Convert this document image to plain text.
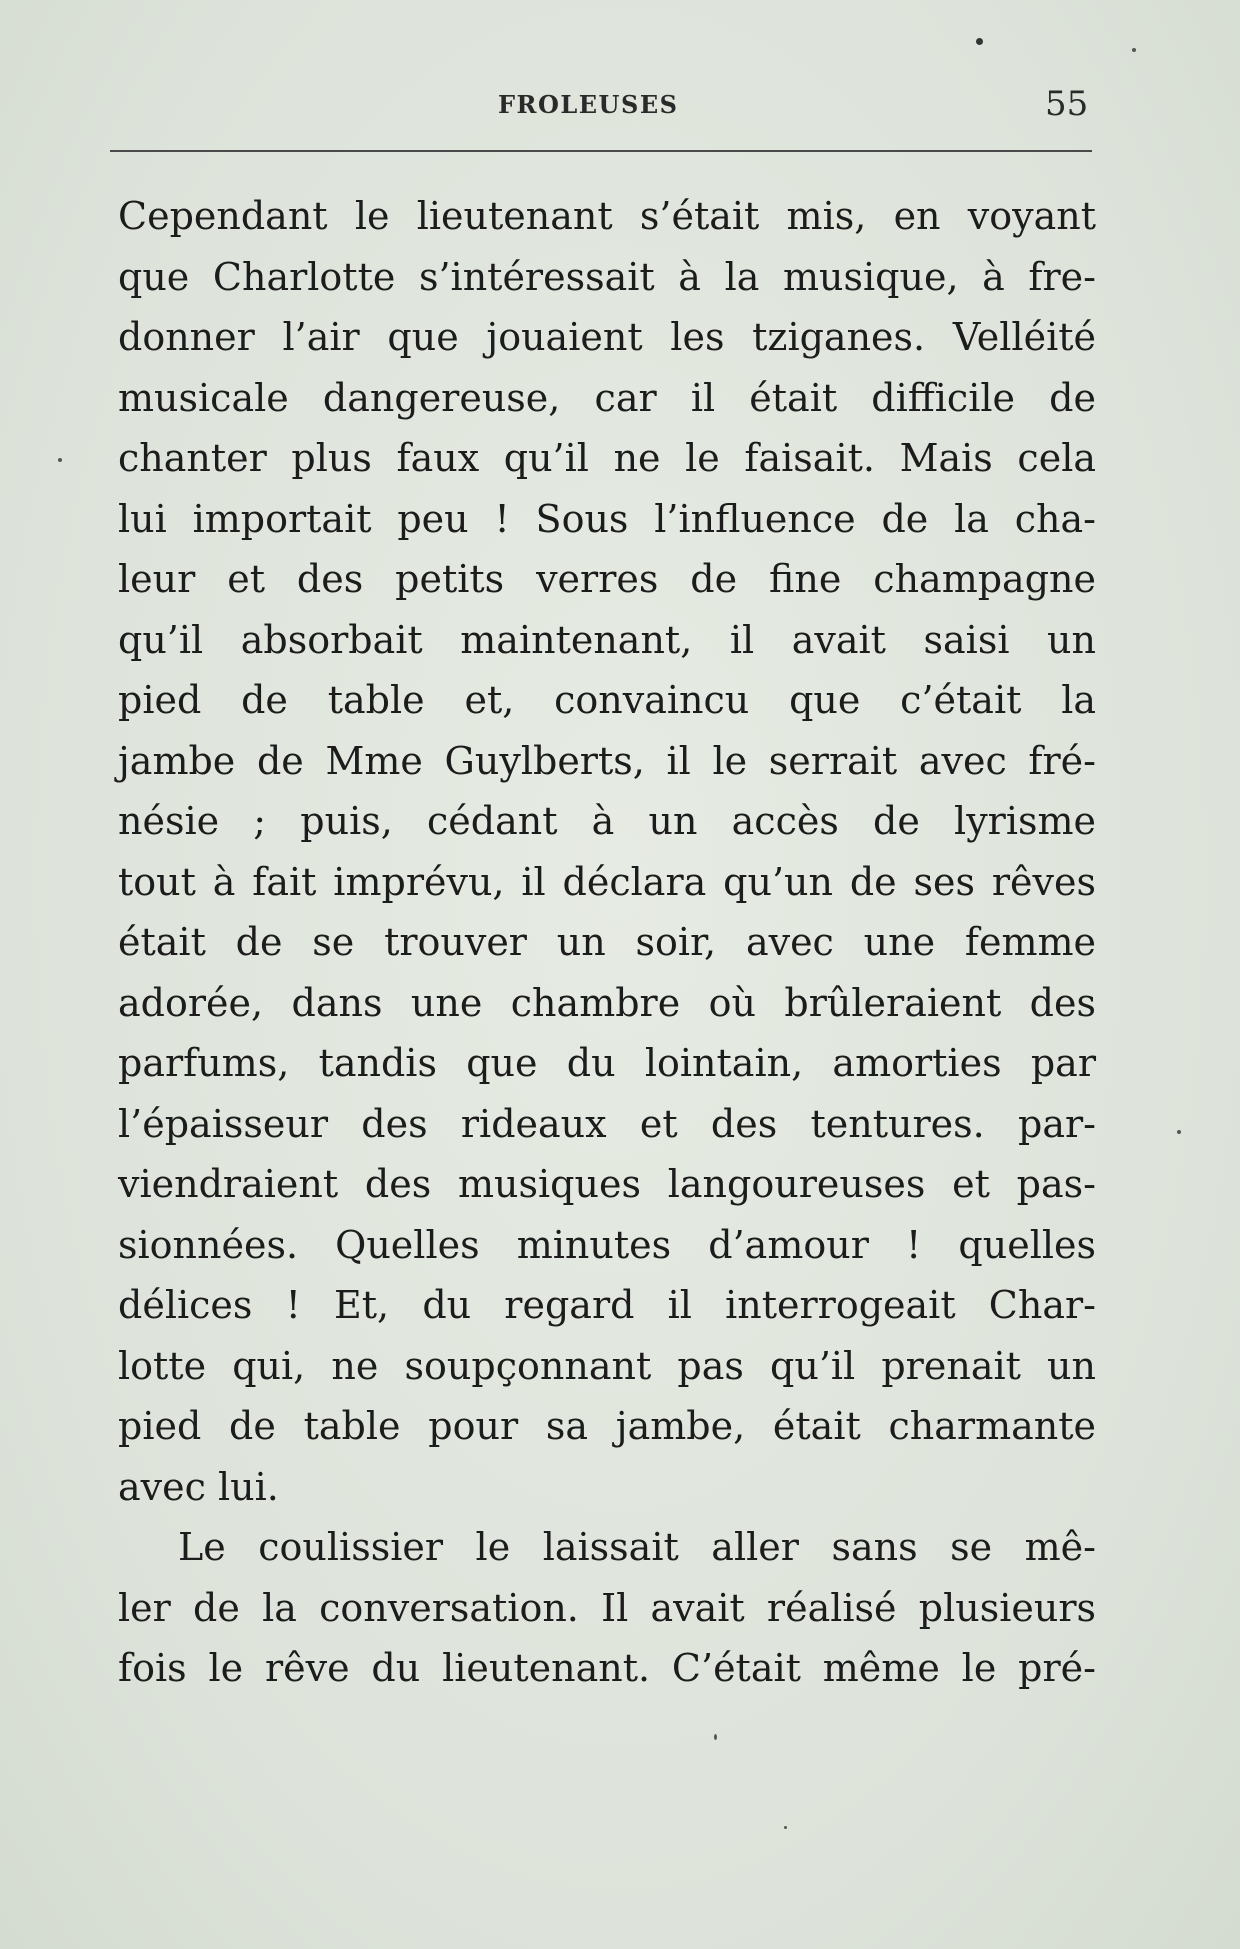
FROLEUSES	55
Cependant le lieutenant s’était mis, en voyant
que Charlotte s’intéressait à la musique, à fre-
donner l’air que jouaient les tziganes. Velléité
musicale dangereuse, car il était difficile de
chanter plus faux qu’il ne le faisait. Mais cela
lui importait peu ! Sous l’influence de la cha-
leur et des petits verres de fine champagne
qu’il absorbait maintenant, il avait saisi un
pied de table et, convaincu que c’était la
jambe de Mme Guylberts, il le serrait avec fré-
nésie ; puis, cédant à un accès de lyrisme
tout à fait imprévu, il déclara qu’un de ses rêves
était de se trouver un soir, avec une femme
adorée, dans une chambre où brûleraient des
parfums, tandis que du lointain, amorties par
l’épaisseur des rideaux et des tentures. par-
viendraient des musiques langoureuses et pas-
sionnées. Quelles minutes d’amour ! quelles
délices ! Et, du regard il interrogeait Char-
lotte qui, ne soupçonnant pas qu’il prenait un
pied de table pour sa jambe, était charmante
avec lui.
Le coulissier le laissait aller sans se mê-
ler de la conversation. Il avait réalisé plusieurs
fois le rêve du lieutenant. C’était même le pré-
